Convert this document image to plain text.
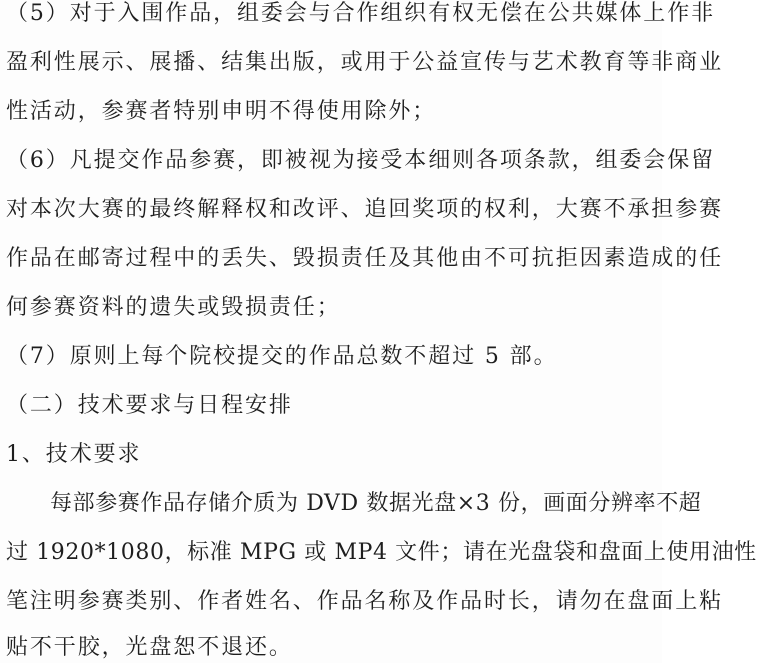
（5）对于入围作品，组委会与合作组织有权无偿在公共媒体上作非
盈利性展示、展播、结集出版，或用于公益宣传与艺术教育等非商业
性活动，参赛者特别申明不得使用除外；
（6）凡提交作品参赛，即被视为接受本细则各项条款，组委会保留
对本次大赛的最终解释权和改评、追回奖项的权利，大赛不承担参赛
作品在邮寄过程中的丢失、毁损责任及其他由不可抗拒因素造成的任
何参赛资料的遗失或毁损责任；
（7）原则上每个院校提交的作品总数不超过 5 部。
（二）技术要求与日程安排
1、技术要求
每部参赛作品存储介质为 DVD 数据光盘×3 份，画面分辨率不超
过 1920*1080，标准 MPG 或 MP4 文件；请在光盘袋和盘面上使用油性
笔注明参赛类别、作者姓名、作品名称及作品时长，请勿在盘面上粘
贴不干胶，光盘恕不退还。
